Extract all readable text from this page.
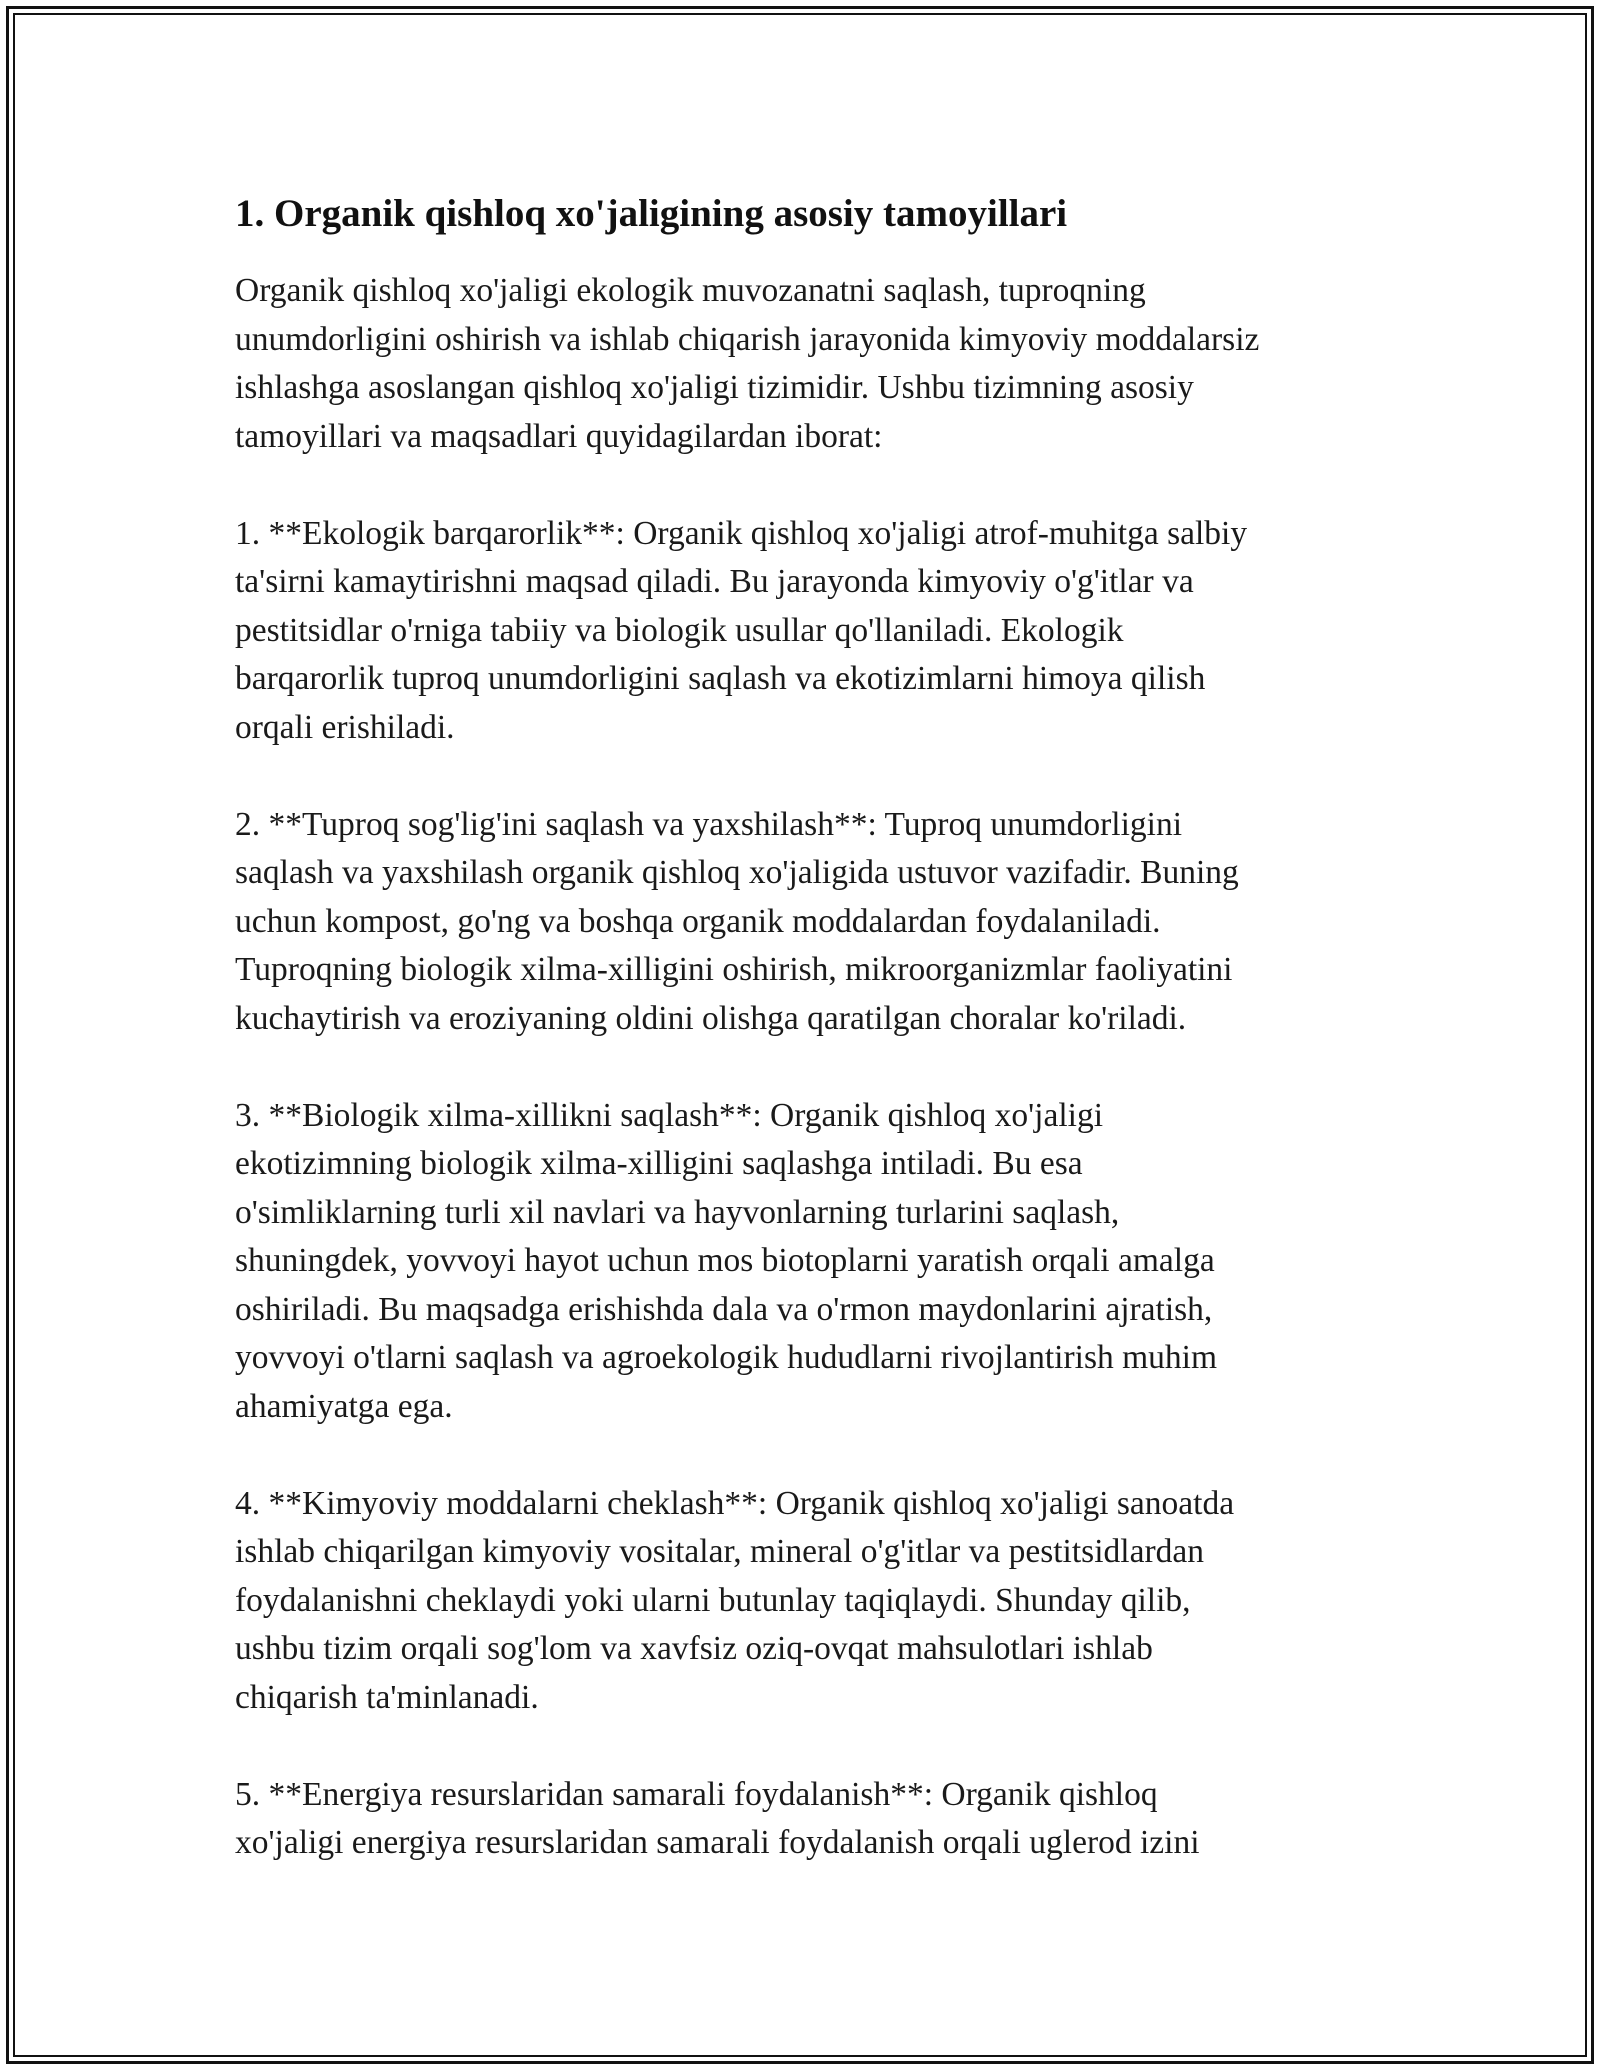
1. Organik qishloq xo'jaligining asosiy tamoyillari

Organik qishloq xo'jaligi ekologik muvozanatni saqlash, tuproqning
unumdorligini oshirish va ishlab chiqarish jarayonida kimyoviy moddalarsiz
ishlashga asoslangan qishloq xo'jaligi tizimidir. Ushbu tizimning asosiy
tamoyillari va maqsadlari quyidagilardan iborat:

1. **Ekologik barqarorlik**: Organik qishloq xo'jaligi atrof-muhitga salbiy
ta'sirni kamaytirishni maqsad qiladi. Bu jarayonda kimyoviy o'g'itlar va
pestitsidlar o'rniga tabiiy va biologik usullar qo'llaniladi. Ekologik
barqarorlik tuproq unumdorligini saqlash va ekotizimlarni himoya qilish
orqali erishiladi.

2. **Tuproq sog'lig'ini saqlash va yaxshilash**: Tuproq unumdorligini
saqlash va yaxshilash organik qishloq xo'jaligida ustuvor vazifadir. Buning
uchun kompost, go'ng va boshqa organik moddalardan foydalaniladi.
Tuproqning biologik xilma-xilligini oshirish, mikroorganizmlar faoliyatini
kuchaytirish va eroziyaning oldini olishga qaratilgan choralar ko'riladi.

3. **Biologik xilma-xillikni saqlash**: Organik qishloq xo'jaligi
ekotizimning biologik xilma-xilligini saqlashga intiladi. Bu esa
o'simliklarning turli xil navlari va hayvonlarning turlarini saqlash,
shuningdek, yovvoyi hayot uchun mos biotoplarni yaratish orqali amalga
oshiriladi. Bu maqsadga erishishda dala va o'rmon maydonlarini ajratish,
yovvoyi o'tlarni saqlash va agroekologik hududlarni rivojlantirish muhim
ahamiyatga ega.

4. **Kimyoviy moddalarni cheklash**: Organik qishloq xo'jaligi sanoatda
ishlab chiqarilgan kimyoviy vositalar, mineral o'g'itlar va pestitsidlardan
foydalanishni cheklaydi yoki ularni butunlay taqiqlaydi. Shunday qilib,
ushbu tizim orqali sog'lom va xavfsiz oziq-ovqat mahsulotlari ishlab
chiqarish ta'minlanadi.

5. **Energiya resurslaridan samarali foydalanish**: Organik qishloq
xo'jaligi energiya resurslaridan samarali foydalanish orqali uglerod izini
